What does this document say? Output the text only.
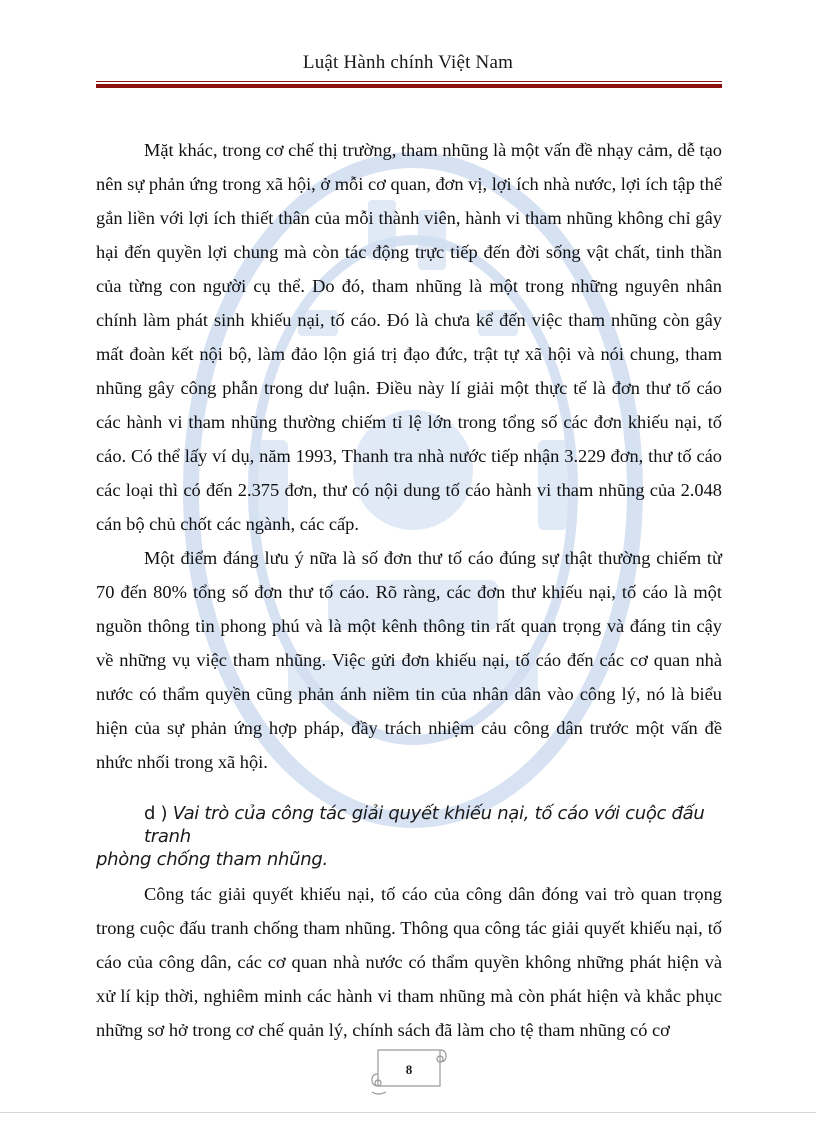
Luật Hành chính Việt Nam

Mặt khác, trong cơ chế thị trường, tham nhũng là một vấn đề nhạy cảm, dễ tạo nên sự phản ứng trong xã hội, ở mỗi cơ quan, đơn vị, lợi ích nhà nước, lợi ích tập thể gắn liền với lợi ích thiết thân của mỗi thành viên, hành vi tham nhũng không chỉ gây hại đến quyền lợi chung mà còn tác động trực tiếp đến đời sống vật chất, tinh thần của từng con người cụ thể. Do đó, tham nhũng là một trong những nguyên nhân chính làm phát sinh khiếu nại, tố cáo. Đó là chưa kể đến việc tham nhũng còn gây mất đoàn kết nội bộ, làm đảo lộn giá trị đạo đức, trật tự xã hội và nói chung, tham nhũng gây công phẫn trong dư luận. Điều này lí giải một thực tế là đơn thư tố cáo các hành vi tham nhũng thường chiếm tỉ lệ lớn trong tổng số các đơn khiếu nại, tố cáo. Có thể lấy ví dụ, năm 1993, Thanh tra nhà nước tiếp nhận 3.229 đơn, thư tố cáo các loại thì có đến 2.375 đơn, thư có nội dung tố cáo hành vi tham nhũng của 2.048 cán bộ chủ chốt các ngành, các cấp.

Một điểm đáng lưu ý nữa là số đơn thư tố cáo đúng sự thật thường chiếm từ 70 đến 80% tổng số đơn thư tố cáo. Rõ ràng, các đơn thư khiếu nại, tố cáo là một nguồn thông tin phong phú và là một kênh thông tin rất quan trọng và đáng tin cậy về những vụ việc tham nhũng. Việc gửi đơn khiếu nại, tố cáo đến các cơ quan nhà nước có thẩm quyền cũng phản ánh niềm tin của nhân dân vào công lý, nó là biểu hiện của sự phản ứng hợp pháp, đầy trách nhiệm cảu công dân trước một vấn đề nhức nhối trong xã hội.

d ) Vai trò của công tác giải quyết khiếu nại, tố cáo với cuộc đấu tranh
phòng chống tham nhũng.

Công tác giải quyết khiếu nại, tố cáo của công dân đóng vai trò quan trọng trong cuộc đấu tranh chống tham nhũng. Thông qua công tác giải quyết khiếu nại, tố cáo của công dân, các cơ quan nhà nước có thẩm quyền không những phát hiện và xử lí kịp thời, nghiêm minh các hành vi tham nhũng mà còn phát hiện và khắc phục những sơ hở trong cơ chế quản lý, chính sách đã làm cho tệ tham nhũng có cơ

8
